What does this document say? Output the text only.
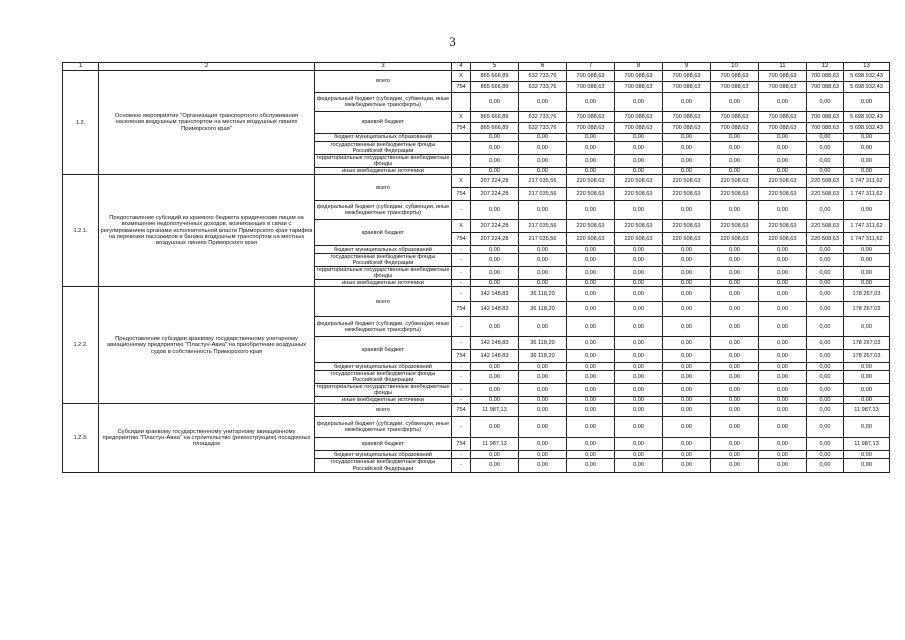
3
1	2	3	4	5	6	7	8	9	10	11	12	13
1.2.	Основное мероприятие "Организация транспортного обслуживания населения воздушным транспортом на местных воздушных линиях Приморского края"	всего	X	865 666,89	632 733,76	700 088,63	700 088,63	700 088,63	700 088,63	700 088,63	700 088,63	5 698 932,43
			754	865 666,89	632 733,76	700 088,63	700 088,63	700 088,63	700 088,63	700 088,63	700 088,63	5 698 932,43
		федеральный бюджет (субсидии, субвенции, иные межбюджетные трансферты)		0,00	0,00	0,00	0,00	0,00	0,00	0,00	0,00	0,00
		краевой бюджет	X	865 666,89	632 733,76	700 088,63	700 088,63	700 088,63	700 088,63	700 088,63	700 088,63	5 698 932,43
			754	865 666,89	632 733,76	700 088,63	700 088,63	700 088,63	700 088,63	700 088,63	700 088,63	5 698 932,43
		бюджет муниципальных образований		0,00	0,00	0,00	0,00	0,00	0,00	0,00	0,00	0,00
		государственные внебюджетные фонды Российской Федерации		0,00	0,00	0,00	0,00	0,00	0,00	0,00	0,00	0,00
		территориальные государственные внебюджетные фонды		0,00	0,00	0,00	0,00	0,00	0,00	0,00	0,00	0,00
		иные внебюджетные источники		0,00	0,00	0,00	0,00	0,00	0,00	0,00	0,00	0,00
1.2.1.	Предоставление субсидий из краевого бюджета юридическим лицам на возмещение недополученных доходов, возникающих в связи с регулированием органами исполнительной власти Приморского края тарифов на перевозки пассажиров и багажа воздушным транспортом на местных воздушных линиях Приморского края	всего	X	207 224,28	217 035,56	220 508,63	220 508,63	220 508,63	220 508,63	220 508,63	220 508,63	1 747 311,62
			754	207 224,28	217 035,56	220 508,63	220 508,63	220 508,63	220 508,63	220 508,63	220 508,63	1 747 311,62
		федеральный бюджет (субсидии, субвенции, иные межбюджетные трансферты)	-	0,00	0,00	0,00	0,00	0,00	0,00	0,00	0,00	0,00
		краевой бюджет	X	207 224,28	217 035,56	220 508,63	220 508,63	220 508,63	220 508,63	220 508,63	220 508,63	1 747 311,62
			754	207 224,28	217 035,56	220 508,63	220 508,63	220 508,63	220 508,63	220 508,63	220 508,63	1 747 311,62
		бюджет муниципальных образований	-	0,00	0,00	0,00	0,00	0,00	0,00	0,00	0,00	0,00
		государственные внебюджетные фонды Российской Федерации	-	0,00	0,00	0,00	0,00	0,00	0,00	0,00	0,00	0,00
		территориальные государственные внебюджетные фонды	-	0,00	0,00	0,00	0,00	0,00	0,00	0,00	0,00	0,00
		иные внебюджетные источники	-	0,00	0,00	0,00	0,00	0,00	0,00	0,00	0,00	0,00
1.2.2.	Предоставление субсидии краевому государственному унитарному авиационному предприятию "Пластун-Авиа" на приобретение воздушных судов в собственность Приморского края	всего	-	142 148,83	36 118,20	0,00	0,00	0,00	0,00	0,00	0,00	178 267,03
			754	142 148,83	36 118,20	0,00	0,00	0,00	0,00	0,00	0,00	178 267,03
		федеральный бюджет (субсидии, субвенции, иные межбюджетные трансферты)	-	0,00	0,00	0,00	0,00	0,00	0,00	0,00	0,00	0,00
		краевой бюджет	-	142 148,83	36 118,20	0,00	0,00	0,00	0,00	0,00	0,00	178 267,03
			754	142 148,83	36 118,20	0,00	0,00	0,00	0,00	0,00	0,00	178 267,03
		бюджет муниципальных образований	-	0,00	0,00	0,00	0,00	0,00	0,00	0,00	0,00	0,00
		государственные внебюджетные фонды Российской Федерации	-	0,00	0,00	0,00	0,00	0,00	0,00	0,00	0,00	0,00
		территориальные государственные внебюджетные фонды	-	0,00	0,00	0,00	0,00	0,00	0,00	0,00	0,00	0,00
		иные внебюджетные источники	-	0,00	0,00	0,00	0,00	0,00	0,00	0,00	0,00	0,00
1.2.3.	Субсидии краевому государственному унитарному авиационному предприятию "Пластун-Авиа" на строительство (реконструкцию) посадочных площадок	всего	754	11 987,13	0,00	0,00	0,00	0,00	0,00	0,00	0,00	11 987,13
		федеральный бюджет (субсидии, субвенции, иные межбюджетные трансферты)	-	0,00	0,00	0,00	0,00	0,00	0,00	0,00	0,00	0,00
		краевой бюджет	754	11 987,13	0,00	0,00	0,00	0,00	0,00	0,00	0,00	11 987,13
		бюджет муниципальных образований	-	0,00	0,00	0,00	0,00	0,00	0,00	0,00	0,00	0,00
		государственные внебюджетные фонды Российской Федерации	-	0,00	0,00	0,00	0,00	0,00	0,00	0,00	0,00	0,00
